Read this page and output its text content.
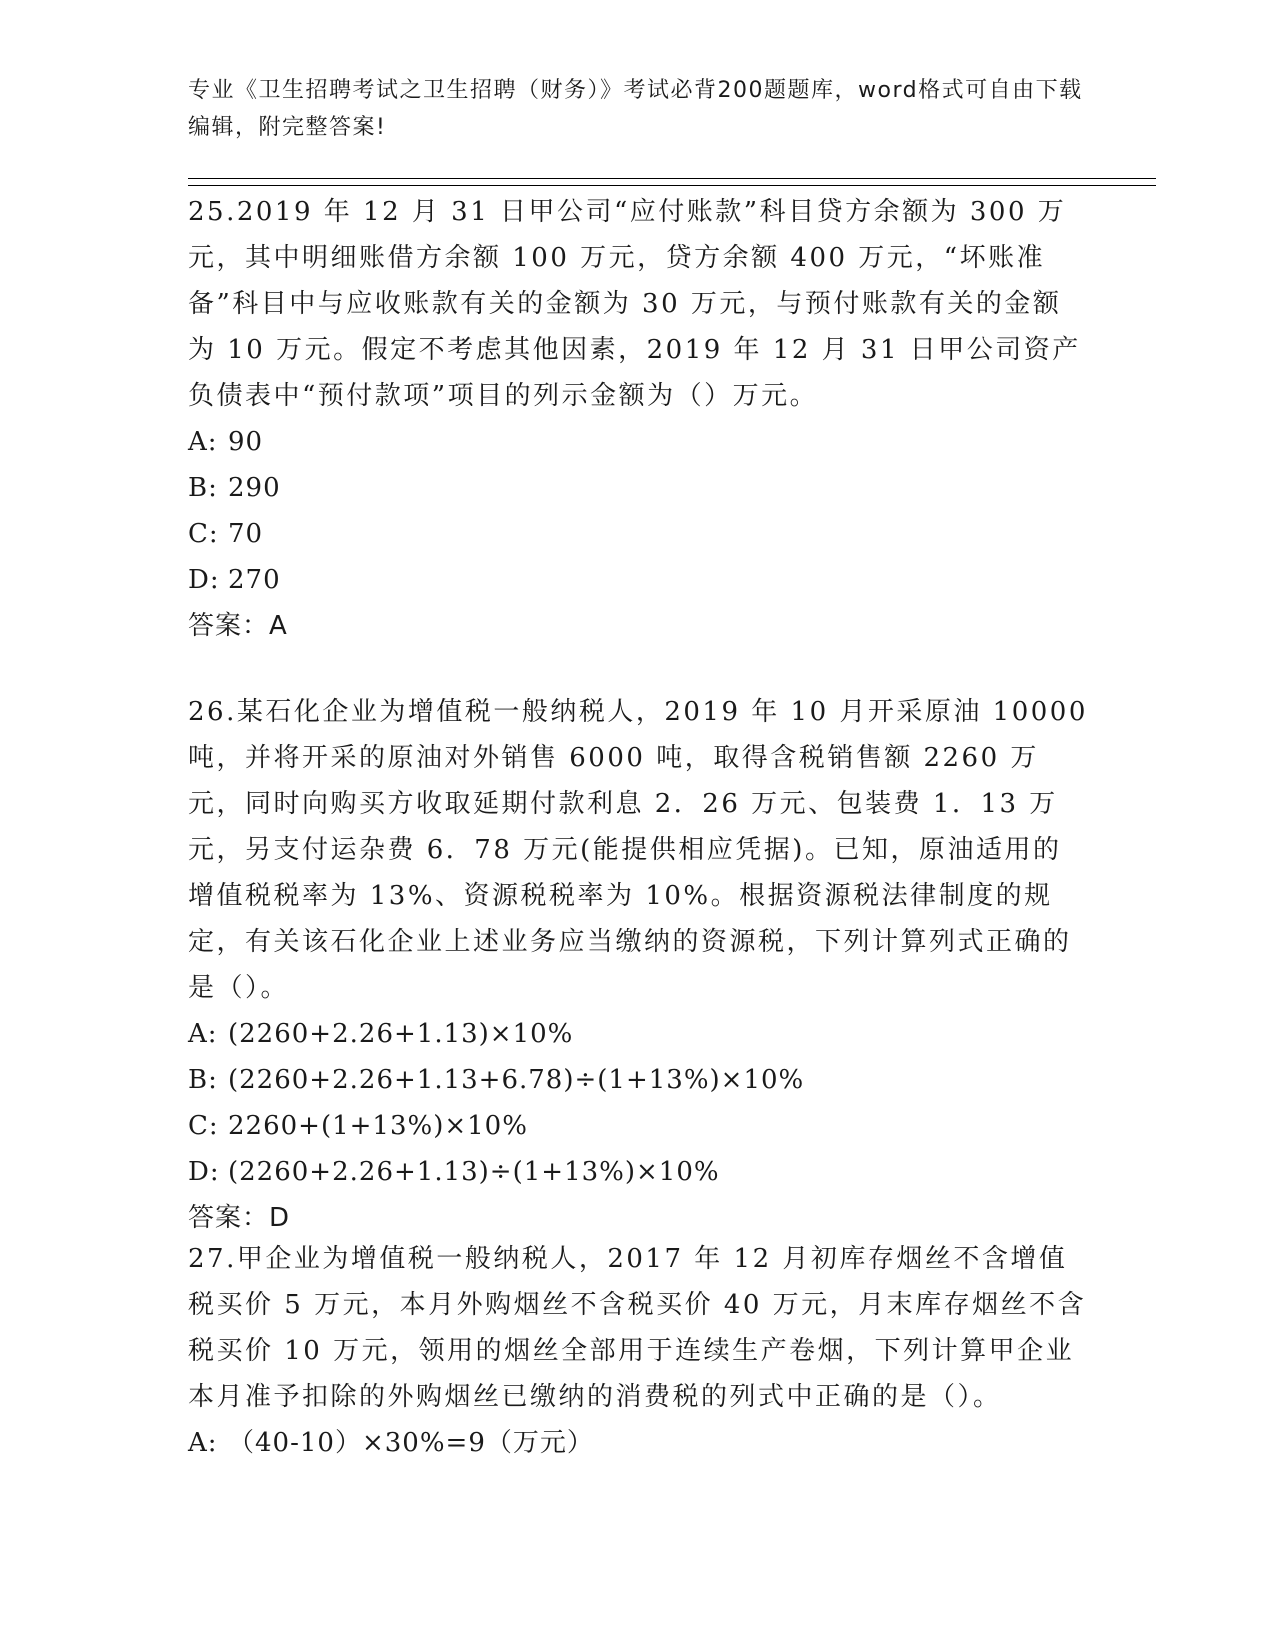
专业《卫生招聘考试之卫生招聘（财务）》考试必背200题题库，word格式可自由下载编辑，附完整答案!

25.2019 年 12 月 31 日甲公司“应付账款”科目贷方余额为 300 万元，其中明细账借方余额 100 万元，贷方余额 400 万元，“坏账准备”科目中与应收账款有关的金额为 30 万元，与预付账款有关的金额为 10 万元。假定不考虑其他因素，2019 年 12 月 31 日甲公司资产负债表中“预付款项”项目的列示金额为（）万元。

A: 90

B: 290

C: 70

D: 270

答案：A

26.某石化企业为增值税一般纳税人，2019 年 10 月开采原油 10000 吨，并将开采的原油对外销售 6000 吨，取得含税销售额 2260 万元，同时向购买方收取延期付款利息 2．26 万元、包装费 1．13 万元，另支付运杂费 6．78 万元(能提供相应凭据)。已知，原油适用的增值税税率为 13%、资源税税率为 10%。根据资源税法律制度的规定，有关该石化企业上述业务应当缴纳的资源税，下列计算列式正确的是（）。

A: (2260+2.26+1.13)×10%

B: (2260+2.26+1.13+6.78)÷(1+13%)×10%

C: 2260+(1+13%)×10%

D: (2260+2.26+1.13)÷(1+13%)×10%

答案：D

27.甲企业为增值税一般纳税人，2017 年 12 月初库存烟丝不含增值税买价 5 万元，本月外购烟丝不含税买价 40 万元，月末库存烟丝不含税买价 10 万元，领用的烟丝全部用于连续生产卷烟，下列计算甲企业本月准予扣除的外购烟丝已缴纳的消费税的列式中正确的是（）。

A: （40-10）×30%=9（万元）
